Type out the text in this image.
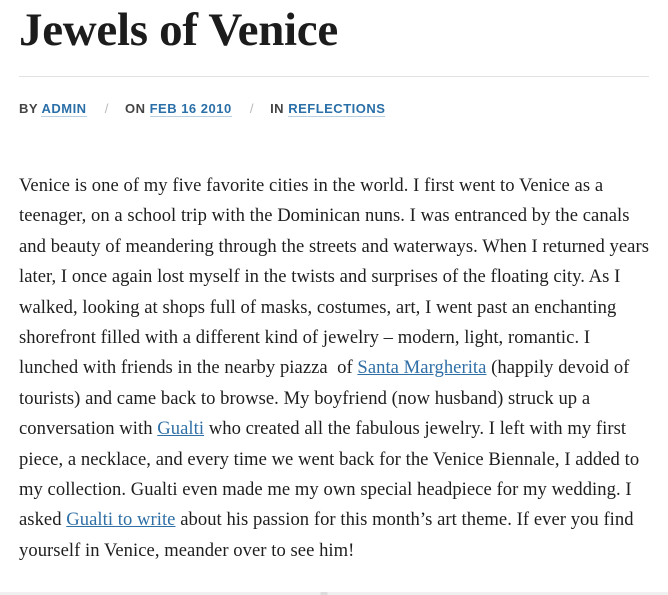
Jewels of Venice
BY ADMIN / ON FEB 16 2010 / IN REFLECTIONS

Venice is one of my five favorite cities in the world. I first went to Venice as a teenager, on a school trip with the Dominican nuns. I was entranced by the canals and beauty of meandering through the streets and waterways. When I returned years later, I once again lost myself in the twists and surprises of the floating city. As I walked, looking at shops full of masks, costumes, art, I went past an enchanting shorefront filled with a different kind of jewelry – modern, light, romantic. I lunched with friends in the nearby piazza  of Santa Margherita (happily devoid of tourists) and came back to browse. My boyfriend (now husband) struck up a conversation with Gualti who created all the fabulous jewelry. I left with my first piece, a necklace, and every time we went back for the Venice Biennale, I added to my collection. Gualti even made me my own special headpiece for my wedding. I asked Gualti to write about his passion for this month’s art theme. If ever you find yourself in Venice, meander over to see him!
